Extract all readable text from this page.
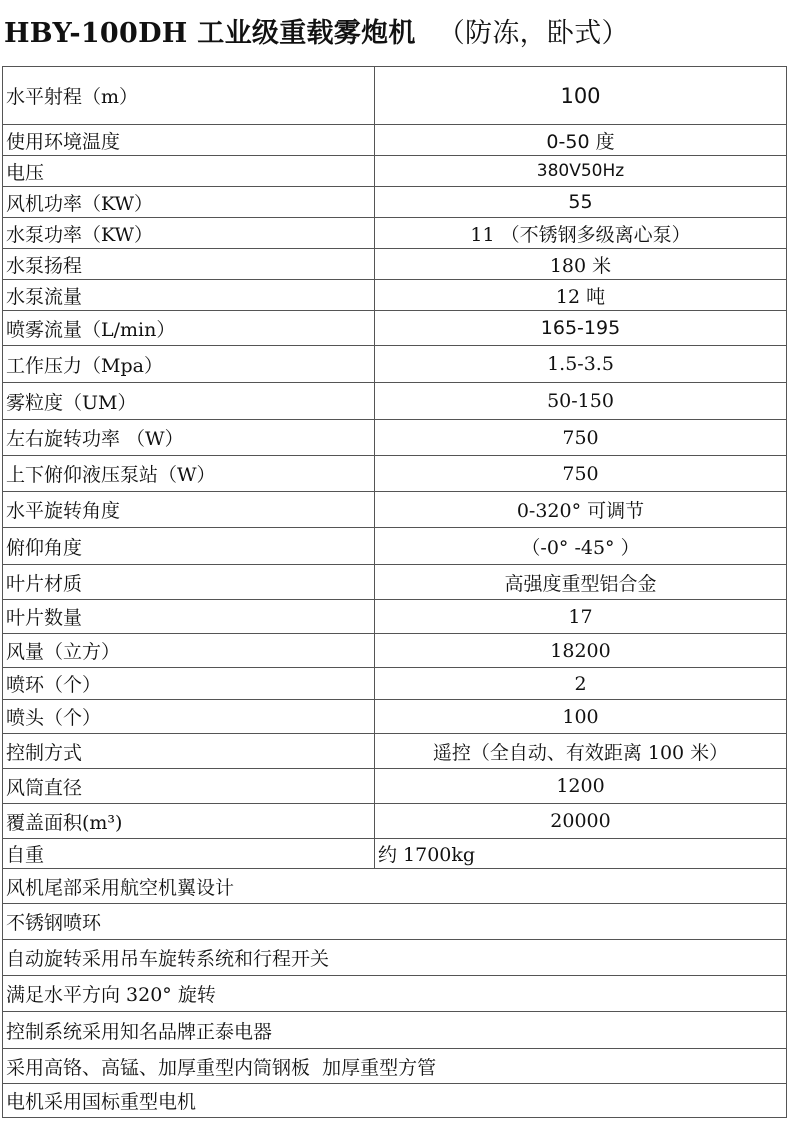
HBY-100DH 工业级重载雾炮机 （防冻，卧式）
水平射程（m）	100
使用环境温度	0-50 度
电压	380V50Hz
风机功率（KW）	55
水泵功率（KW）	11 （不锈钢多级离心泵）
水泵扬程	180 米
水泵流量	12 吨
喷雾流量（L/min）	165-195
工作压力（Mpa）	1.5-3.5
雾粒度（UM）	50-150
左右旋转功率 （W）	750
上下俯仰液压泵站（W）	750
水平旋转角度	0-320° 可调节
俯仰角度	（-0° -45° ）
叶片材质	高强度重型铝合金
叶片数量	17
风量（立方）	18200
喷环（个）	2
喷头（个）	100
控制方式	遥控（全自动、有效距离 100 米）
风筒直径	1200
覆盖面积(m³)	20000
自重	约 1700kg
风机尾部采用航空机翼设计	
不锈钢喷环	
自动旋转采用吊车旋转系统和行程开关	
满足水平方向 320° 旋转	
控制系统采用知名品牌正泰电器	
采用高铬、高锰、加厚重型内筒钢板  加厚重型方管	
电机采用国标重型电机	
